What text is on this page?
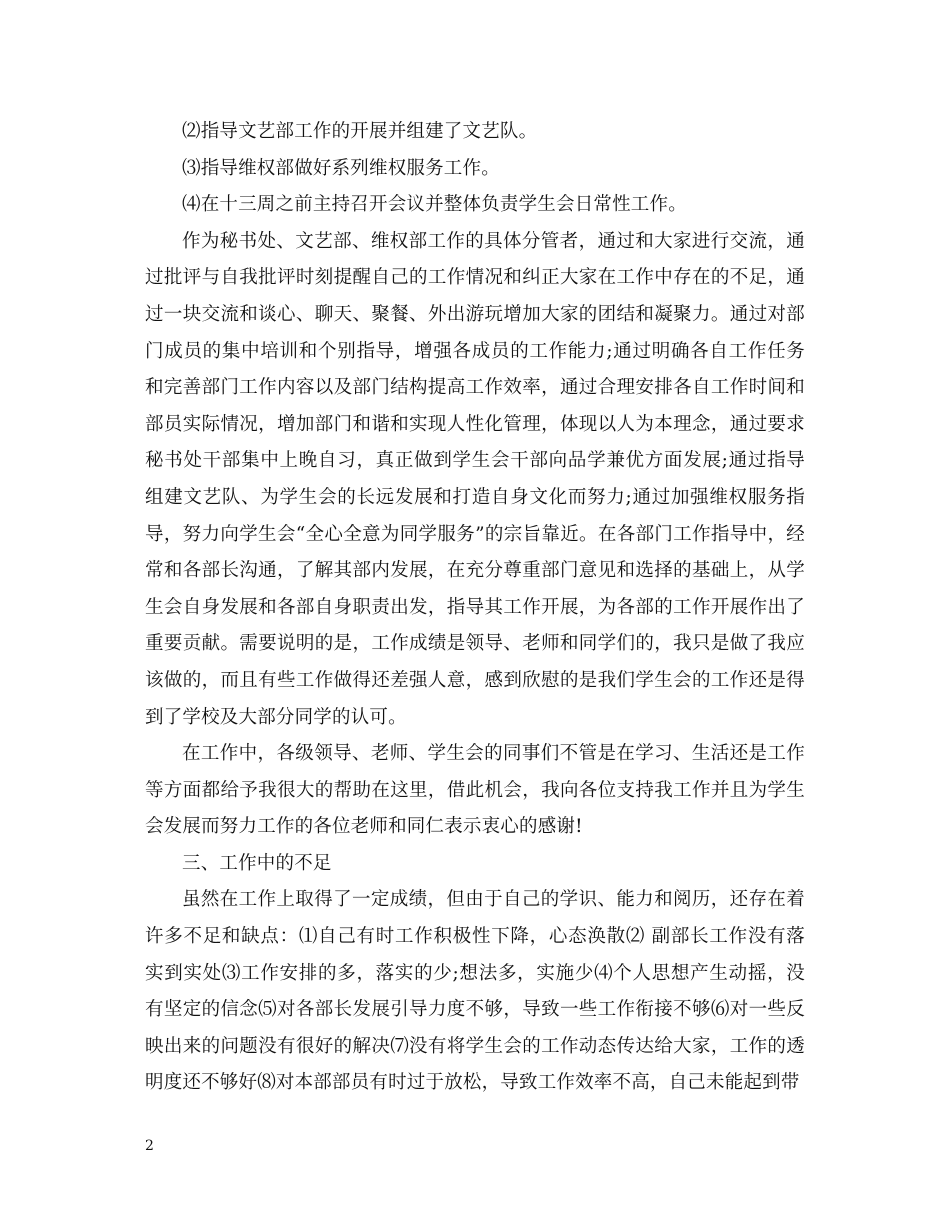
⑵指导文艺部工作的开展并组建了文艺队。

⑶指导维权部做好系列维权服务工作。

⑷在十三周之前主持召开会议并整体负责学生会日常性工作。

作为秘书处、文艺部、维权部工作的具体分管者，通过和大家进行交流，通过批评与自我批评时刻提醒自己的工作情况和纠正大家在工作中存在的不足，通过一块交流和谈心、聊天、聚餐、外出游玩增加大家的团结和凝聚力。通过对部门成员的集中培训和个别指导，增强各成员的工作能力;通过明确各自工作任务和完善部门工作内容以及部门结构提高工作效率，通过合理安排各自工作时间和部员实际情况，增加部门和谐和实现人性化管理，体现以人为本理念，通过要求秘书处干部集中上晚自习，真正做到学生会干部向品学兼优方面发展;通过指导组建文艺队、为学生会的长远发展和打造自身文化而努力;通过加强维权服务指导，努力向学生会“全心全意为同学服务”的宗旨靠近。在各部门工作指导中，经常和各部长沟通，了解其部内发展，在充分尊重部门意见和选择的基础上，从学生会自身发展和各部自身职责出发，指导其工作开展，为各部的工作开展作出了重要贡献。需要说明的是，工作成绩是领导、老师和同学们的，我只是做了我应该做的，而且有些工作做得还差强人意，感到欣慰的是我们学生会的工作还是得到了学校及大部分同学的认可。

在工作中，各级领导、老师、学生会的同事们不管是在学习、生活还是工作等方面都给予我很大的帮助在这里，借此机会，我向各位支持我工作并且为学生会发展而努力工作的各位老师和同仁表示衷心的感谢!

三、工作中的不足

虽然在工作上取得了一定成绩，但由于自己的学识、能力和阅历，还存在着许多不足和缺点：⑴自己有时工作积极性下降，心态涣散⑵ 副部长工作没有落实到实处⑶工作安排的多，落实的少;想法多，实施少⑷个人思想产生动摇，没有坚定的信念⑸对各部长发展引导力度不够，导致一些工作衔接不够⑹对一些反映出来的问题没有很好的解决⑺没有将学生会的工作动态传达给大家，工作的透明度还不够好⑻对本部部员有时过于放松，导致工作效率不高，自己未能起到带

2
